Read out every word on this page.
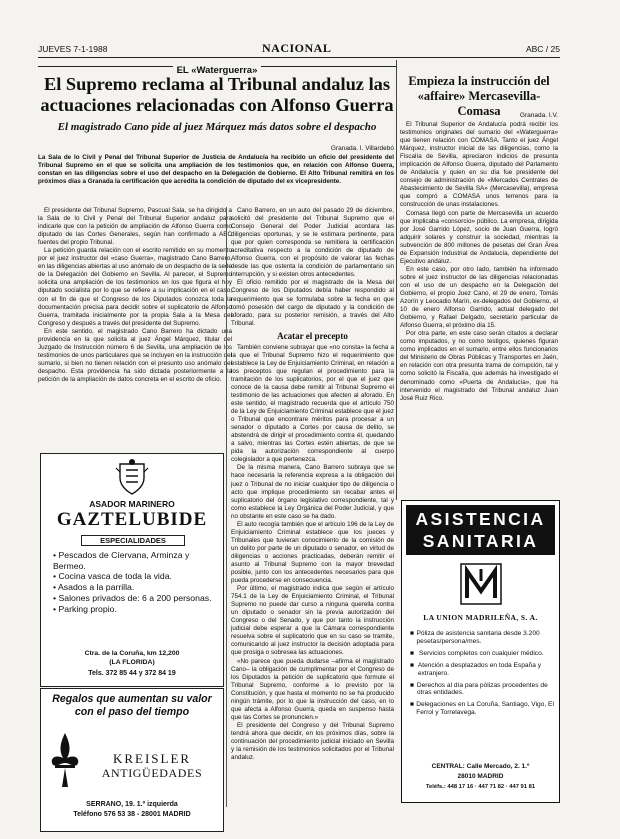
JUEVES 7-1-1988	NACIONAL	ABC / 25
EL «Waterguerra»
El Supremo reclama al Tribunal andaluz las actuaciones relacionadas con Alfonso Guerra
El magistrado Cano pide al juez Márquez más datos sobre el despacho
Granada. I. Villardebó

La Sala de lo Civil y Penal del Tribunal Superior de Justicia de Andalucía ha recibido un oficio del presidente del Tribunal Supremo en el que se solicita una ampliación de los testimonios que, en relación con Alfonso Guerra, constan en las diligencias sobre el uso del despacho en la Delegación de Gobierno. El Alto Tribunal remitirá en los próximos días a Granada la certificación que acredita la condición de diputado del ex vicepresidente.

El presidente del Tribunal Supremo, Pascual Sala, se ha dirigido a la Sala de lo Civil y Penal del Tribunal Superior andaluz para indicarle que con la petición de ampliación de Alfonso Guerra como diputado de las Cortes Generales, según han confirmado a ABC fuentes del propio Tribunal.

La petición guarda relación con el escrito remitido en su momento por el juez instructor del «caso Guerra», magistrado Cano Barrero, en las diligencias abiertas al uso anómalo de un despacho de la sede de la Delegación del Gobierno en Sevilla. Al parecer, el Supremo solicita una ampliación de los testimonios en los que figura el hoy diputado socialista por lo que se refiere a su implicación en el caso, con el fin de que el Congreso de los Diputados conozca toda la documentación precisa para decidir sobre el suplicatorio de Alfonso Guerra, tramitada inicialmente por la propia Sala a la Mesa del Congreso y después a través del presidente del Supremo.

En este sentido, el magistrado Cano Barrero ha dictado una providencia en la que solicita al juez Ángel Márquez, titular del Juzgado de Instrucción número 6 de Sevilla, una ampliación de los testimonios de unos particulares que se incluyen en la instrucción del sumario, si bien no tienen relación con el presunto uso anómalo del despacho. Esta providencia ha sido dictada posteriormente a la petición de la ampliación de datos concreta en el escrito de oficio.

Cano Barrero, en un auto del pasado 29 de diciembre, solicitó del presidente del Tribunal Supremo que el Consejo General del Poder Judicial acordara las diligencias oportunas, y se le estimara pertinente, para que por quien corresponda se remitiera la certificación acreditativa respecto a la condición de diputado de Alfonso Guerra, con el propósito de valorar las fechas desde las que ostenta la condición de parlamentario sin interrupción, y si existen otros antecedentes.

El oficio remitido por el magistrado de la Mesa del Congreso de los Diputados debía haber respondido al requerimiento que se formulaba sobre la fecha en que tomó posesión del cargo de diputado y la condición de aforado, para su posterior remisión, a través del Alto Tribunal.

Acatar el precepto

También conviene subrayar que «no consta» la fecha a la que el Tribunal Supremo hizo el requerimiento que establece la Ley de Enjuiciamiento Criminal, en relación a los preceptos que regulan el procedimiento para la tramitación de los suplicatorios, por el que el juez que conoce de la causa debe remitir al Tribunal Supremo el testimonio de las actuaciones que afecten al aforado. En este sentido, el magistrado recuerda que el artículo 750 de la Ley de Enjuiciamiento Criminal establece que el juez o Tribunal que encontrare méritos para procesar a un senador o diputado a Cortes por causa de delito, se abstendrá de dirigir el procedimiento contra él, quedando a salvo, mientras las Cortes estén abiertas, de que se pida la autorización correspondiente al cuerpo colegislador a que pertenezca.

De la misma manera, Cano Barrero subraya que se hace necesaria la referencia expresa a la obligación del juez o Tribunal de no iniciar cualquier tipo de diligencia o acto que implique procedimiento sin recabar antes el suplicatorio del órgano legislativo correspondiente, tal y como establece la Ley Orgánica del Poder Judicial, y que no obstante en este caso se ha dado.

El auto recogía también que el artículo 196 de la Ley de Enjuiciamiento Criminal establece que los jueces y Tribunales que tuvieran conocimiento de la comisión de un delito por parte de un diputado o senador, en virtud de diligencias o acciones practicadas, deberán remitir el asunto al Tribunal Supremo con la mayor brevedad posible, junto con los antecedentes necesarios para que pueda procederse en consecuencia.

Por último, el magistrado indica que según el artículo 754.1 de la Ley de Enjuiciamiento Criminal, el Tribunal Supremo no puede dar curso a ninguna querella contra un diputado o senador sin la previa autorización del Congreso o del Senado, y que por tanto la instrucción judicial debe esperar a que la Cámara correspondiente resuelva sobre el suplicatorio que en su caso se tramite, comunicando al juez instructor la decisión adoptada para que prosiga o sobresea las actuaciones.

«No parece que pueda dudarse –afirma el magistrado Cano– la obligación de cumplimentar por el Congreso de los Diputados la petición de suplicatorio que formule el Tribunal Supremo, conforme a lo previsto por la Constitución, y que hasta el momento no se ha producido ningún trámite, por lo que la instrucción del caso, en lo que afecta a Alfonso Guerra, queda en suspenso hasta que las Cortes se pronuncien.»

El presidente del Congreso y del Tribunal Supremo tendrá ahora que decidir, en los próximos días, sobre la continuación del procedimiento judicial iniciado en Sevilla y la remisión de los testimonios solicitados por el Tribunal andaluz.

Empieza la instrucción del «affaire» Mercasevilla-Comasa	Granada. I.V.

El Tribunal Superior de Andalucía podrá recibir los testimonios originales del sumario del «Waterguerra» que tienen relación con COMASA. Tanto el juez Ángel Márquez, instructor inicial de las diligencias, como la Fiscalía de Sevilla, apreciaron indicios de presunta implicación de Alfonso Guerra, diputado del Parlamento de Andalucía y quien en su día fue presidente del consejo de administración de «Mercados Centrales de Abastecimiento de Sevilla SA» (Mercasevilla), empresa que compró a COMASA unos terrenos para la construcción de unas instalaciones.

Comasa llegó con parte de Mercasevilla un acuerdo que implicaba «consorcio» público. La empresa, dirigida por José Garrido López, socio de Juan Guerra, logró adquirir solares y construir la sociedad, mientras la subvención de 800 millones de pesetas del Gran Área de Expansión Industrial de Andalucía, dependiente del Ejecutivo andaluz.

En este caso, por otro lado, también ha informado sobre el juez instructor de las diligencias relacionadas con el uso de un despacho en la Delegación del Gobierno, el propio Juez Cano, el 29 de enero, Tomás Azorín y Leocadio Marín, ex-delegados del Gobierno, el 10 de enero Alfonso Garrido, actual delegado del Gobierno, y Rafael Delgado, secretario particular de Alfonso Guerra, el próximo día 15.

Por otra parte, en este caso serán citados a declarar como imputados, y no como testigos, quienes figuran como implicados en el sumario, entre ellos funcionarios del Ministerio de Obras Públicas y Transportes en Jaén, en relación con otra presunta trama de corrupción, tal y como solicitó la Fiscalía, que además ha investigado el denominado como «Puerta de Andalucía», que ha intervenido el magistrado del Tribunal andaluz Juan José Ruiz Rico.

ASADOR MARINERO
GAZTELUBIDE
ESPECIALIDADES
• Pescados de Cíervana, Arminza y Bermeo.
• Cocina vasca de toda la vida.
• Asados a la parrilla.
• Salones privados de: 6 a 200 personas.
• Parking propio.
Ctra. de la Coruña, km 12,200
(LA FLORIDA)
Tels. 372 85 44 y 372 84 19
Regalos que aumentan su valor con el paso del tiempo
KREISLER
ANTIGÜEDADES
SERRANO, 19. 1.º izquierda
Teléfono 576 53 38 - 28001 MADRID
ASISTENCIA
SANITARIA
LA UNION MADRILEÑA, S. A.
■ Póliza de asistencia sanitaria desde 3.200 pesetas/persona/mes.
■ Servicios completos con cualquier médico.
■ Atención a desplazados en toda España y extranjero.
■ Derechos al día para pólizas procedentes de otras entidades.
■ Delegaciones en La Coruña, Santiago, Vigo, El Ferrol y Torrelavega.
CENTRAL: Calle Mercado, 2. 1.º
28010 MADRID
Teléfs.: 448 17 16 · 447 71 82 · 447 91 81
